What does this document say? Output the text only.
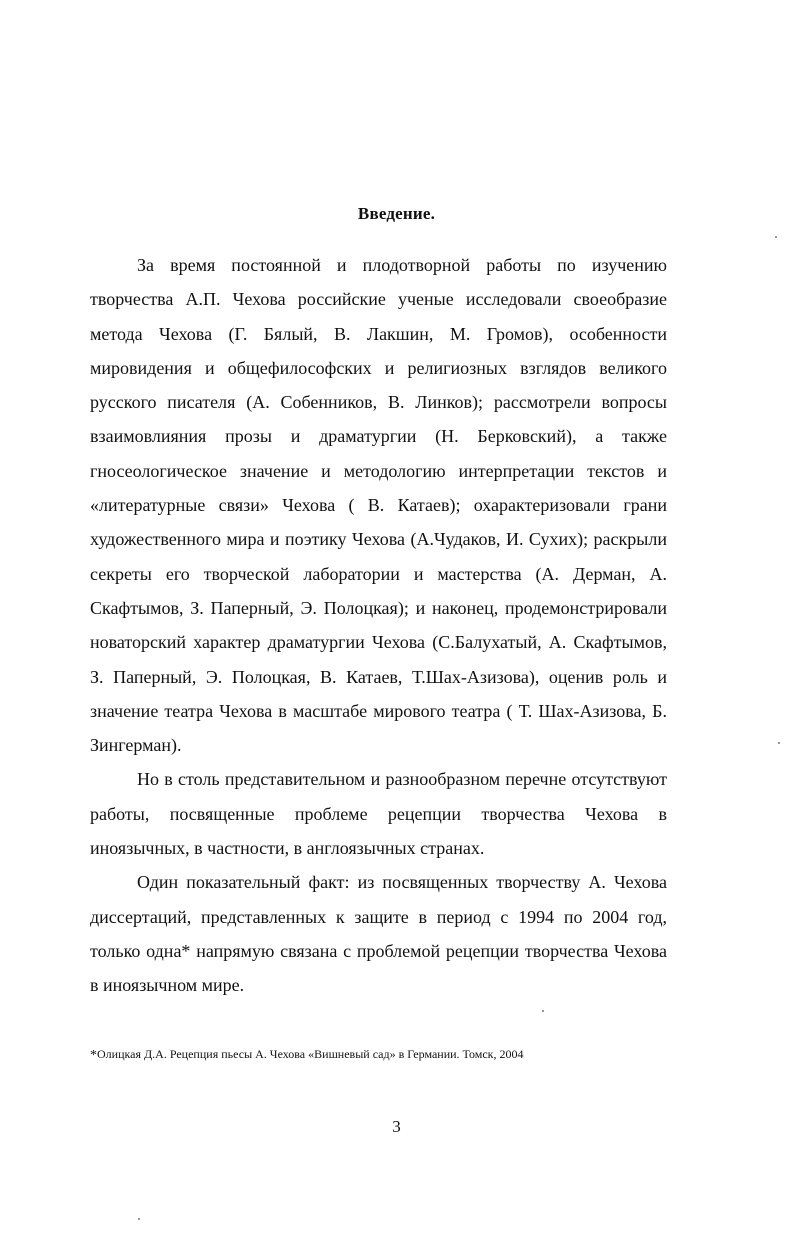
Введение.

За время постоянной и плодотворной работы по изучению творчества А.П. Чехова российские ученые исследовали своеобразие метода Чехова (Г. Бялый, В. Лакшин, М. Громов), особенности мировидения и общефилософских и религиозных взглядов великого русского писателя (А. Собенников, В. Линков); рассмотрели вопросы взаимовлияния прозы и драматургии (Н. Берковский), а также гносеологическое значение и методологию интерпретации текстов и «литературные связи» Чехова ( В. Катаев); охарактеризовали грани художественного мира и поэтику Чехова (А.Чудаков, И. Сухих); раскрыли секреты его творческой лаборатории и мастерства (А. Дерман, А. Скафтымов, З. Паперный, Э. Полоцкая); и наконец, продемонстрировали новаторский характер драматургии Чехова (С.Балухатый, А. Скафтымов, З. Паперный, Э. Полоцкая, В. Катаев, Т.Шах-Азизова), оценив роль и значение театра Чехова в масштабе мирового театра ( Т. Шах-Азизова, Б. Зингерман).

Но в столь представительном и разнообразном перечне отсутствуют работы, посвященные проблеме рецепции творчества Чехова в иноязычных, в частности, в англоязычных странах.

Один показательный факт: из посвященных творчеству А. Чехова диссертаций, представленных к защите в период с 1994 по 2004 год, только одна* напрямую связана с проблемой рецепции творчества Чехова в иноязычном мире.

*Олицкая Д.А. Рецепция пьесы А. Чехова «Вишневый сад» в Германии. Томск, 2004

3
